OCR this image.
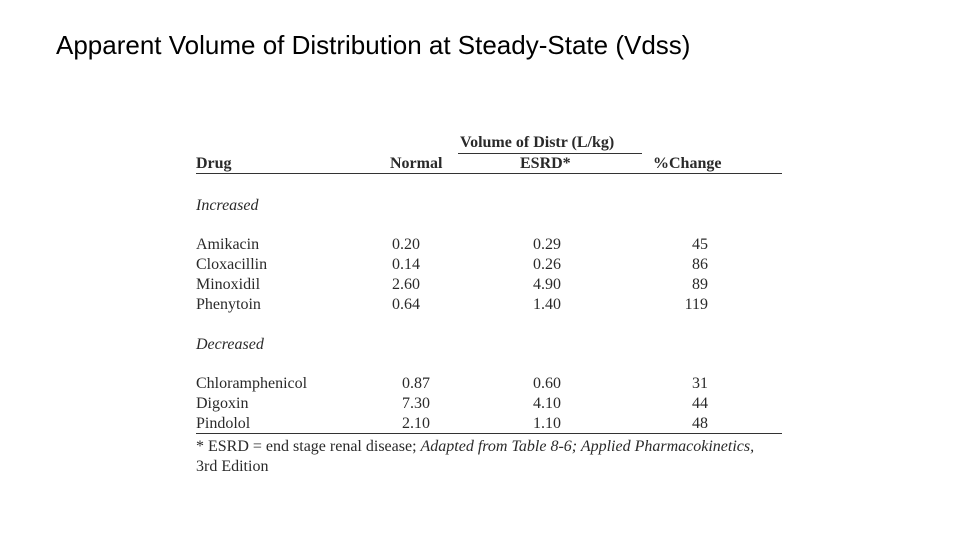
Apparent Volume of Distribution at Steady-State (Vdss)
Volume of Distr (L/kg)
Drug	Normal	ESRD*	%Change
Increased
Amikacin	0.20	0.29	45
Cloxacillin	0.14	0.26	86
Minoxidil	2.60	4.90	89
Phenytoin	0.64	1.40	119
Decreased
Chloramphenicol	0.87	0.60	31
Digoxin	7.30	4.10	44
Pindolol	2.10	1.10	48
* ESRD = end stage renal disease; Adapted from Table 8-6; Applied Pharmacokinetics,
3rd Edition
